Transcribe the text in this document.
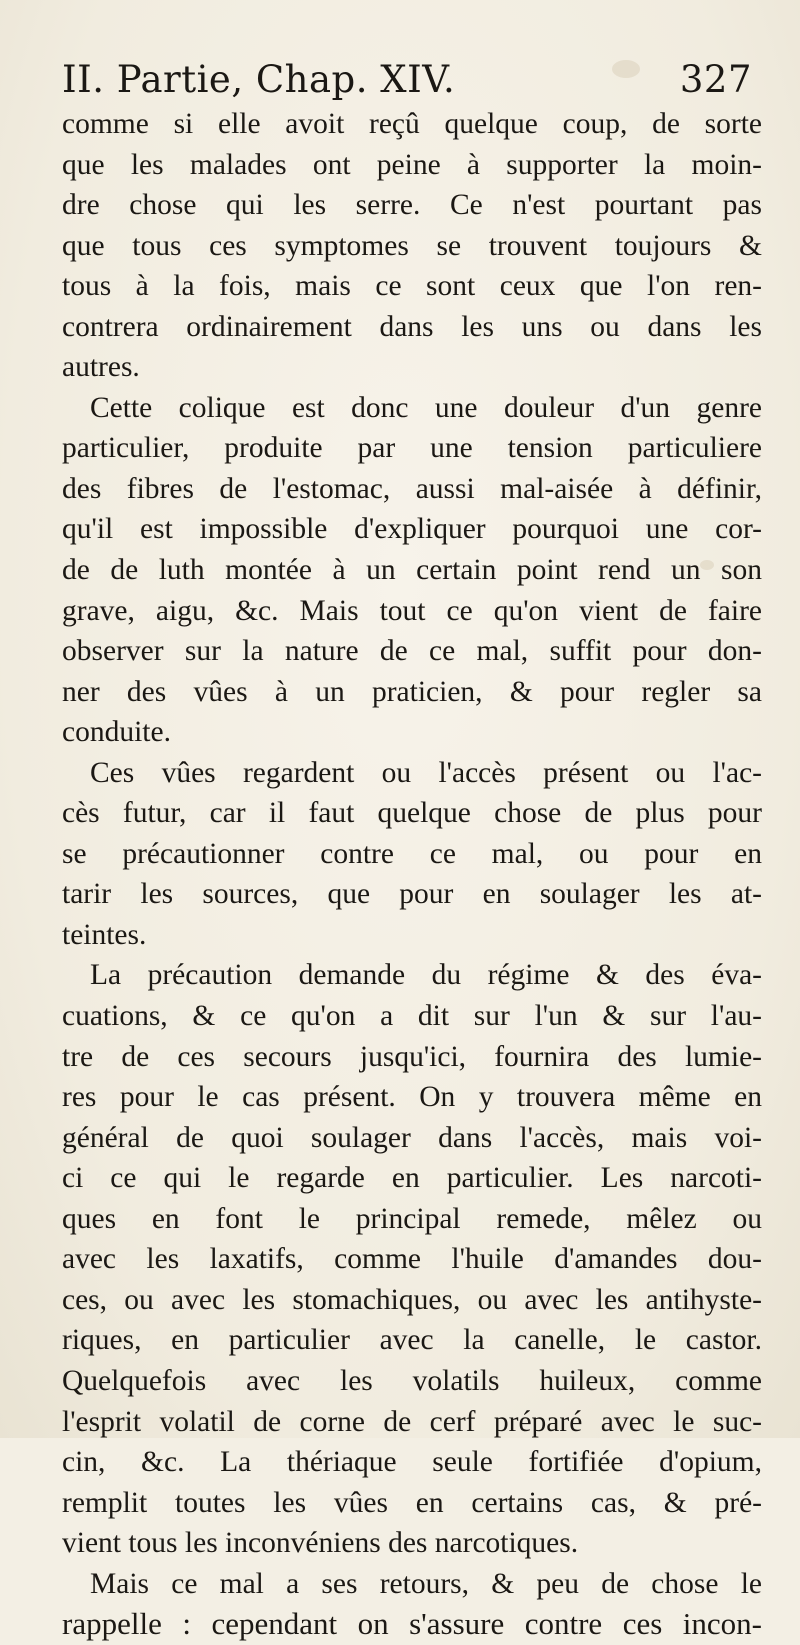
II. Partie, Chap. XIV.	327
comme si elle avoit reçû quelque coup, de sorte
que les malades ont peine à supporter la moin-
dre chose qui les serre. Ce n'est pourtant pas
que tous ces symptomes se trouvent toujours &
tous à la fois, mais ce sont ceux que l'on ren-
contrera ordinairement dans les uns ou dans les
autres.
Cette colique est donc une douleur d'un genre
particulier, produite par une tension particuliere
des fibres de l'estomac, aussi mal-aisée à définir,
qu'il est impossible d'expliquer pourquoi une cor-
de de luth montée à un certain point rend un son
grave, aigu, &c. Mais tout ce qu'on vient de faire
observer sur la nature de ce mal, suffit pour don-
ner des vûes à un praticien, & pour regler sa
conduite.
Ces vûes regardent ou l'accès présent ou l'ac-
cès futur, car il faut quelque chose de plus pour
se précautionner contre ce mal, ou pour en
tarir les sources, que pour en soulager les at-
teintes.
La précaution demande du régime & des éva-
cuations, & ce qu'on a dit sur l'un & sur l'au-
tre de ces secours jusqu'ici, fournira des lumie-
res pour le cas présent. On y trouvera même en
général de quoi soulager dans l'accès, mais voi-
ci ce qui le regarde en particulier. Les narcoti-
ques en font le principal remede, mêlez ou
avec les laxatifs, comme l'huile d'amandes dou-
ces, ou avec les stomachiques, ou avec les antihyste-
riques, en particulier avec la canelle, le castor.
Quelquefois avec les volatils huileux, comme
l'esprit volatil de corne de cerf préparé avec le suc-
cin, &c. La thériaque seule fortifiée d'opium,
remplit toutes les vûes en certains cas, & pré-
vient tous les inconvéniens des narcotiques.
Mais ce mal a ses retours, & peu de chose le
rappelle : cependant on s'assure contre ces incon-
